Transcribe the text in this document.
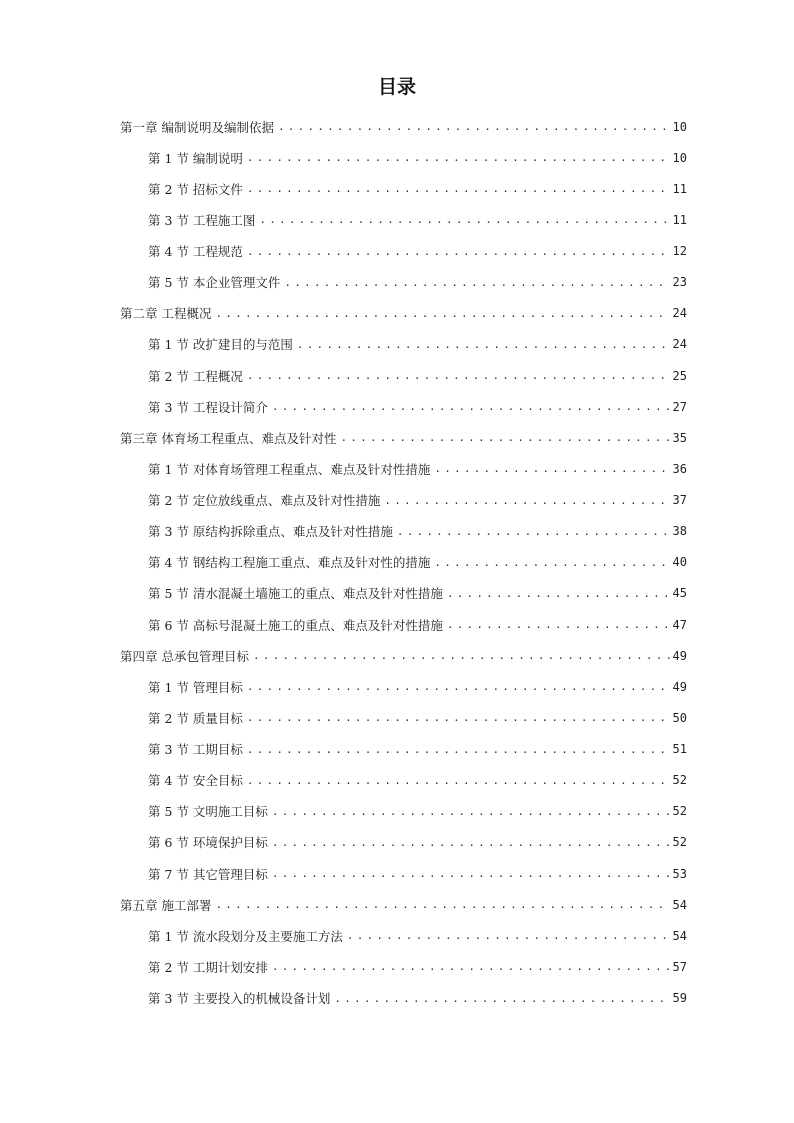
目录
第一章 编制说明及编制依据 .....	10
第 1 节 编制说明 .....	10
第 2 节 招标文件 .....	11
第 3 节 工程施工图 .....	11
第 4 节 工程规范 .....	12
第 5 节 本企业管理文件 .....	23
第二章 工程概况 .....	24
第 1 节 改扩建目的与范围 .....	24
第 2 节 工程概况 .....	25
第 3 节 工程设计简介 .....	27
第三章 体育场工程重点、难点及针对性 .....	35
第 1 节 对体育场管理工程重点、难点及针对性措施 .....	36
第 2 节 定位放线重点、难点及针对性措施 .....	37
第 3 节 原结构拆除重点、难点及针对性措施 .....	38
第 4 节 钢结构工程施工重点、难点及针对性的措施 .....	40
第 5 节 清水混凝土墙施工的重点、难点及针对性措施 .....	45
第 6 节 高标号混凝土施工的重点、难点及针对性措施 .....	47
第四章 总承包管理目标 .....	49
第 1 节 管理目标 .....	49
第 2 节 质量目标 .....	50
第 3 节 工期目标 .....	51
第 4 节 安全目标 .....	52
第 5 节 文明施工目标 .....	52
第 6 节 环境保护目标 .....	52
第 7 节 其它管理目标 .....	53
第五章 施工部署 .....	54
第 1 节 流水段划分及主要施工方法 .....	54
第 2 节 工期计划安排 .....	57
第 3 节 主要投入的机械设备计划 .....	59
